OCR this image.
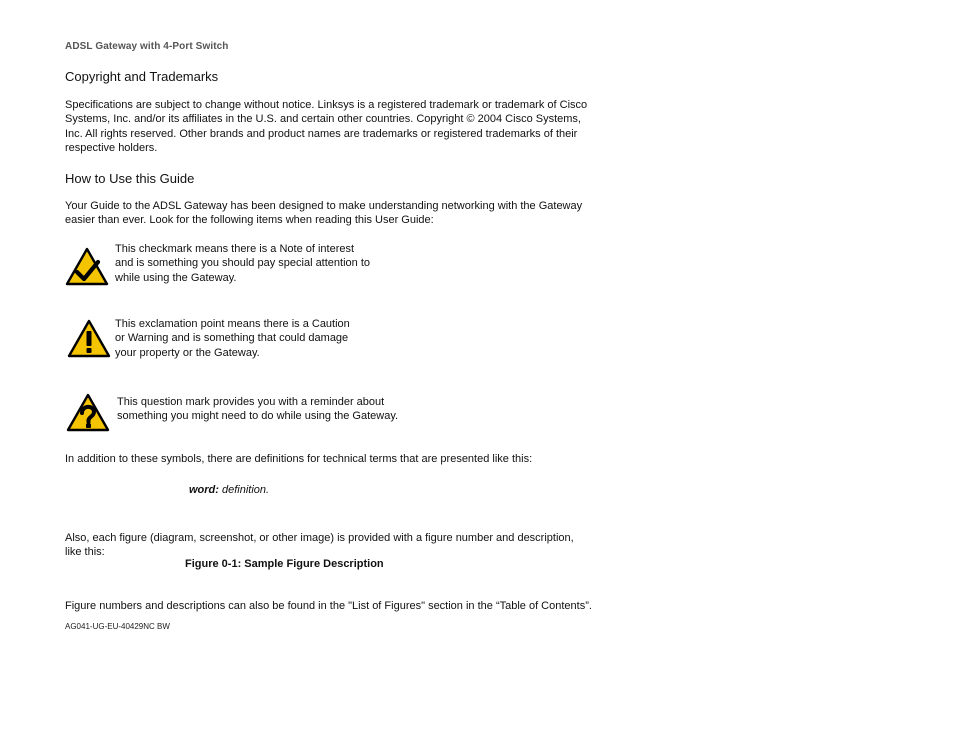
ADSL Gateway with 4-Port Switch
Copyright and Trademarks
Specifications are subject to change without notice. Linksys is a registered trademark or trademark of Cisco Systems, Inc. and/or its affiliates in the U.S. and certain other countries. Copyright © 2004 Cisco Systems, Inc. All rights reserved. Other brands and product names are trademarks or registered trademarks of their respective holders.
How to Use this Guide
Your Guide to the ADSL Gateway has been designed to make understanding networking with the Gateway easier than ever. Look for the following items when reading this User Guide:
This checkmark means there is a Note of interest and is something you should pay special attention to while using the Gateway.
This exclamation point means there is a Caution or Warning and is something that could damage your property or the Gateway.
This question mark provides you with a reminder about something you might need to do while using the Gateway.
In addition to these symbols, there are definitions for technical terms that are presented like this:
word: definition.
Also, each figure (diagram, screenshot, or other image) is provided with a figure number and description, like this:
Figure 0-1: Sample Figure Description
Figure numbers and descriptions can also be found in the "List of Figures" section in the “Table of Contents”.
AG041-UG-EU-40429NC BW
